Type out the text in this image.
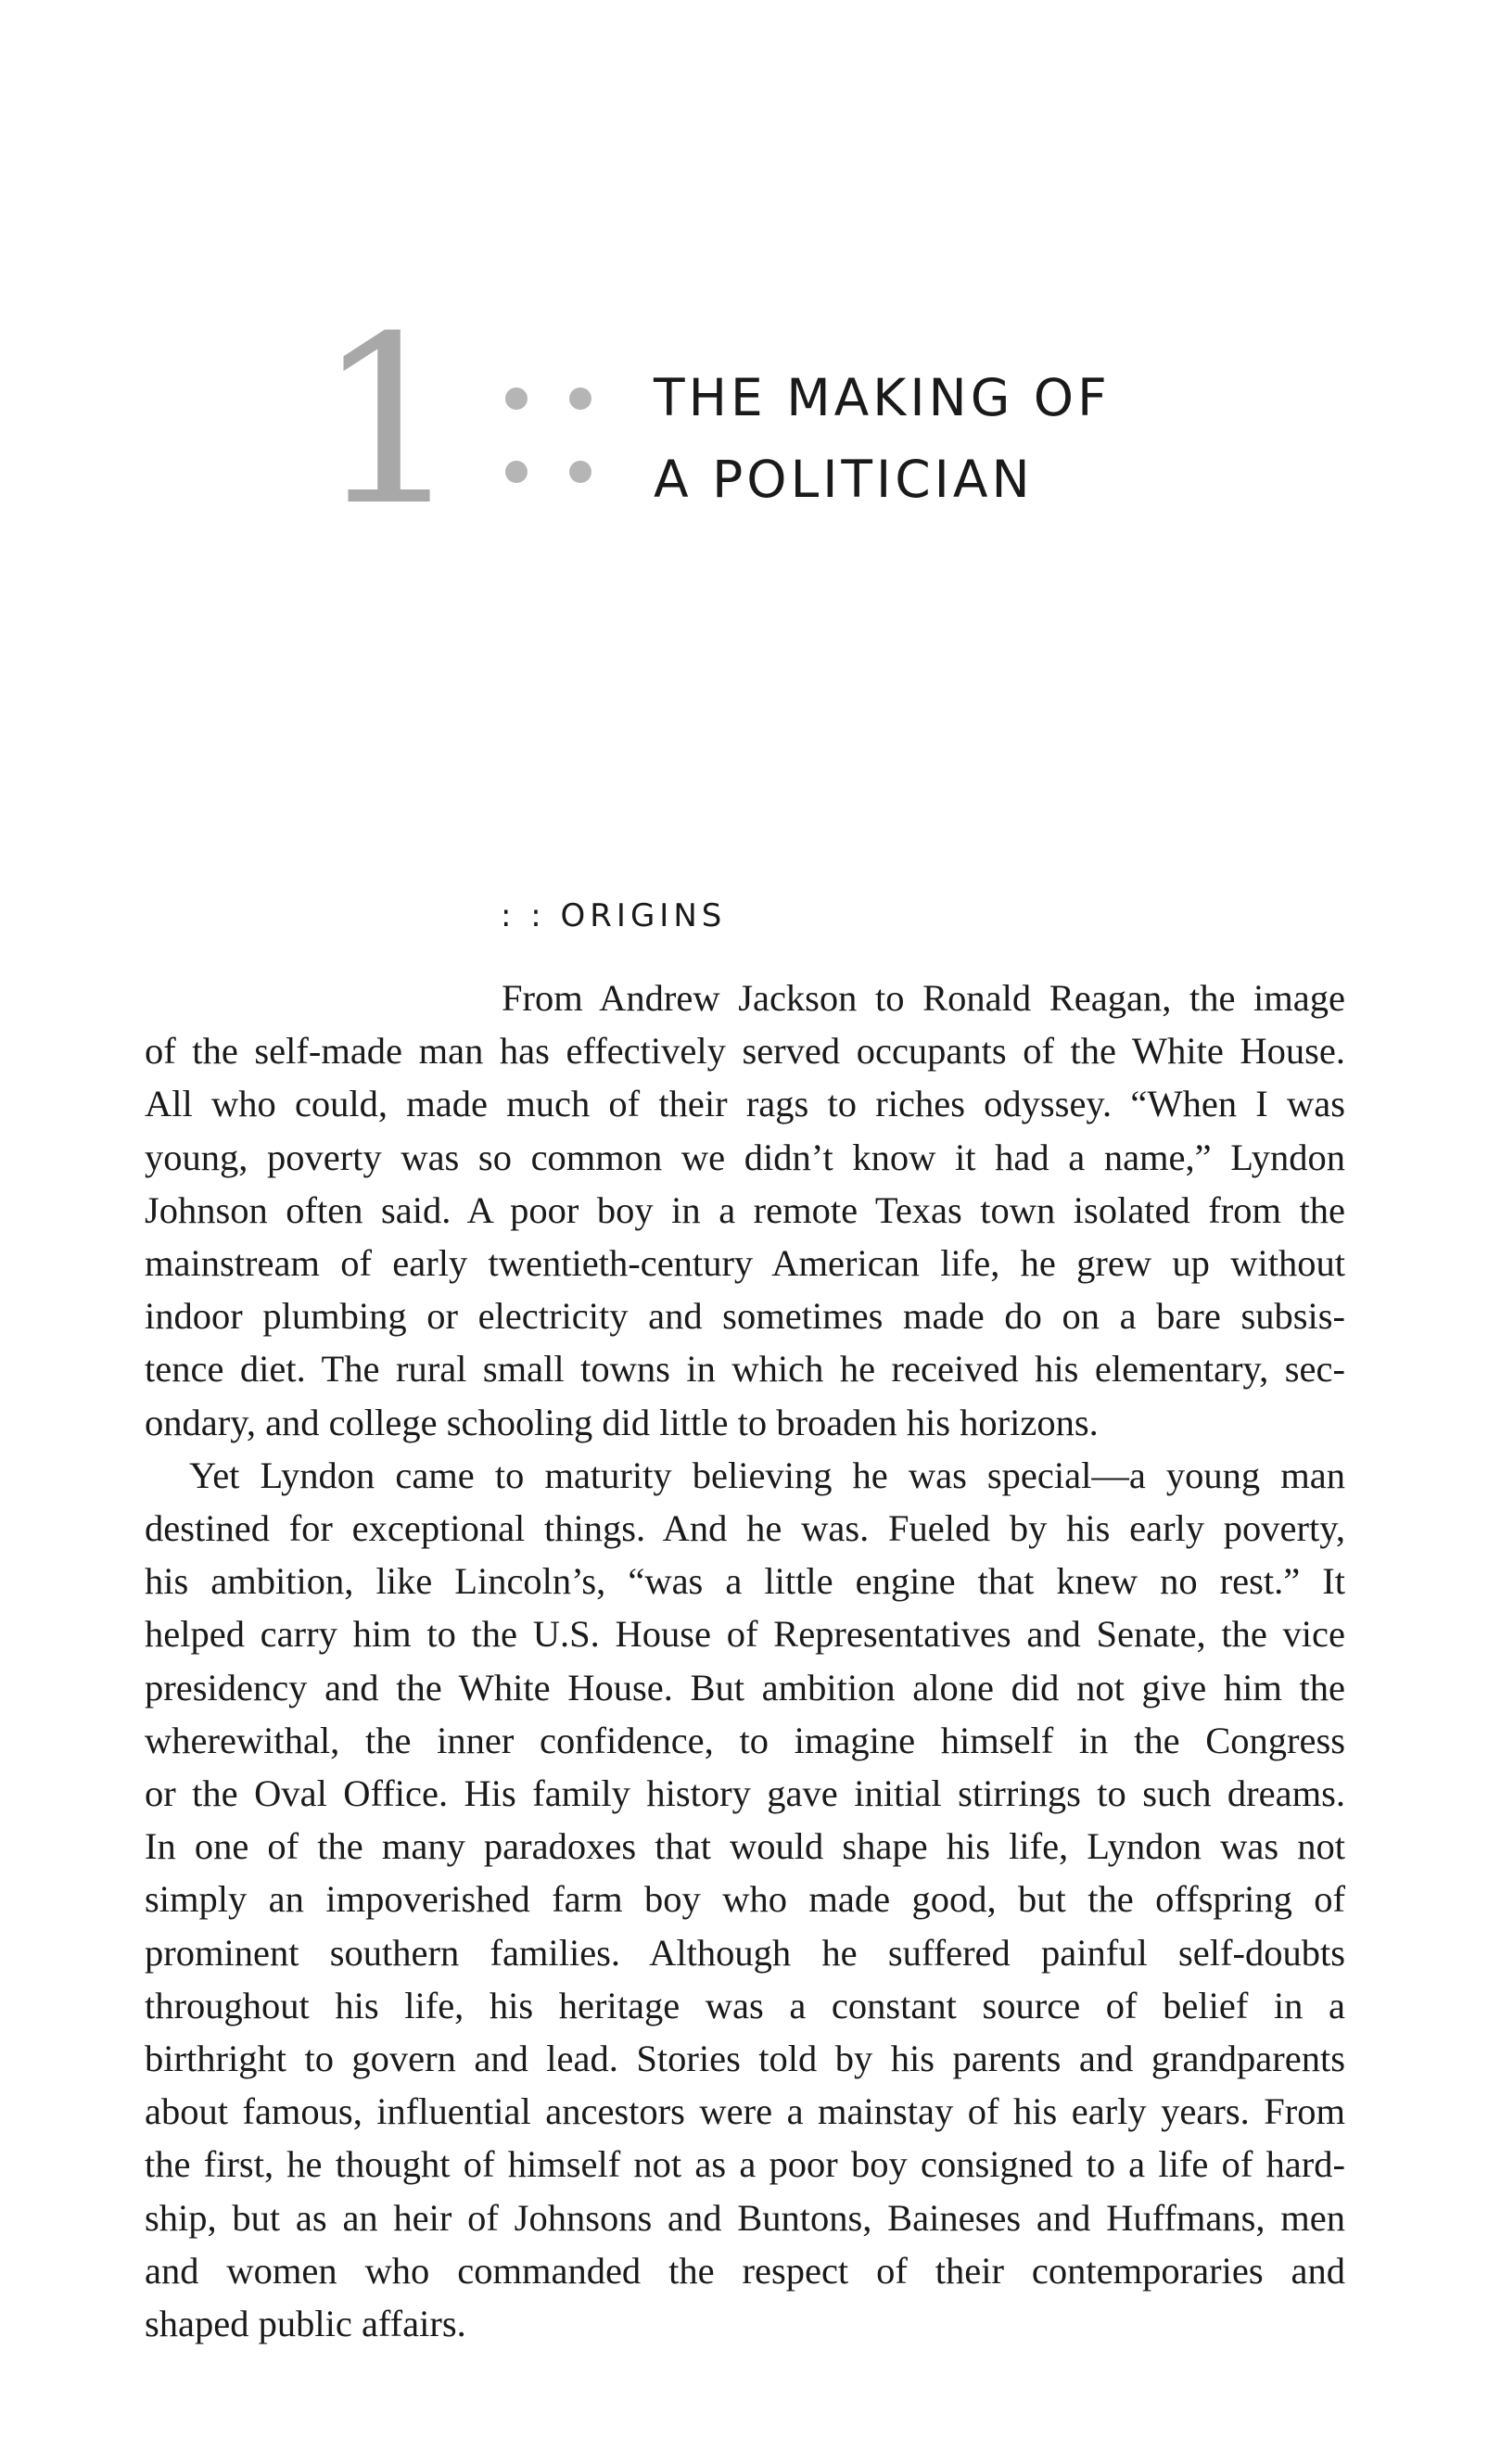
1	THE MAKING OF
A POLITICIAN
: : ORIGINS
From Andrew Jackson to Ronald Reagan, the image
of the self-made man has effectively served occupants of the White House.
All who could, made much of their rags to riches odyssey. “When I was
young, poverty was so common we didn’t know it had a name,” Lyndon
Johnson often said. A poor boy in a remote Texas town isolated from the
mainstream of early twentieth-century American life, he grew up without
indoor plumbing or electricity and sometimes made do on a bare subsis-
tence diet. The rural small towns in which he received his elementary, sec-
ondary, and college schooling did little to broaden his horizons.
Yet Lyndon came to maturity believing he was special—a young man
destined for exceptional things. And he was. Fueled by his early poverty,
his ambition, like Lincoln’s, “was a little engine that knew no rest.” It
helped carry him to the U.S. House of Representatives and Senate, the vice
presidency and the White House. But ambition alone did not give him the
wherewithal, the inner confidence, to imagine himself in the Congress
or the Oval Office. His family history gave initial stirrings to such dreams.
In one of the many paradoxes that would shape his life, Lyndon was not
simply an impoverished farm boy who made good, but the offspring of
prominent southern families. Although he suffered painful self-doubts
throughout his life, his heritage was a constant source of belief in a
birthright to govern and lead. Stories told by his parents and grandparents
about famous, influential ancestors were a mainstay of his early years. From
the first, he thought of himself not as a poor boy consigned to a life of hard-
ship, but as an heir of Johnsons and Buntons, Baineses and Huffmans, men
and women who commanded the respect of their contemporaries and
shaped public affairs.
